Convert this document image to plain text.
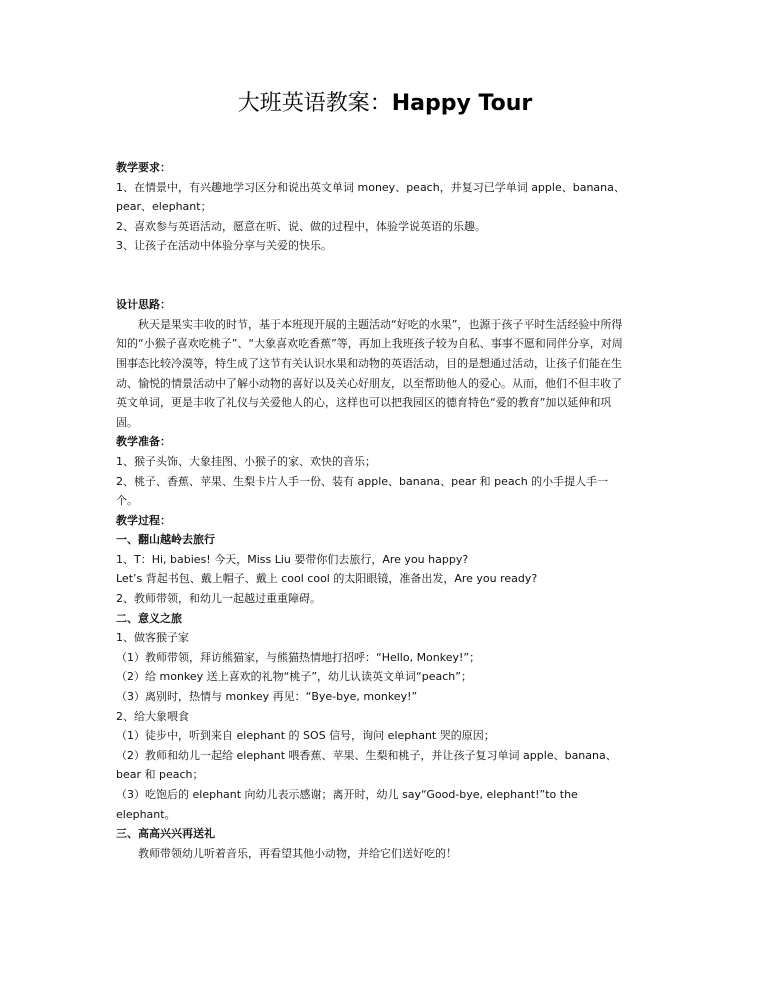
大班英语教案：Happy Tour
教学要求：
1、在情景中，有兴趣地学习区分和说出英文单词 money、peach，并复习已学单词 apple、banana、
pear、elephant；
2、喜欢参与英语活动，愿意在听、说、做的过程中，体验学说英语的乐趣。
3、让孩子在活动中体验分享与关爱的快乐。
设计思路：
秋天是果实丰收的时节，基于本班现开展的主题活动“好吃的水果”，也源于孩子平时生活经验中所得
知的“小猴子喜欢吃桃子”、“大象喜欢吃香蕉”等，再加上我班孩子较为自私、事事不愿和同伴分享，对周
围事态比较冷漠等，特生成了这节有关认识水果和动物的英语活动，目的是想通过活动，让孩子们能在生
动、愉悦的情景活动中了解小动物的喜好以及关心好朋友，以至帮助他人的爱心。从而，他们不但丰收了
英文单词，更是丰收了礼仪与关爱他人的心，这样也可以把我园区的德育特色“爱的教育”加以延伸和巩
固。
教学准备：
1、猴子头饰、大象挂图、小猴子的家、欢快的音乐；
2、桃子、香蕉、苹果、生梨卡片人手一份、装有 apple、banana、pear 和 peach 的小手提人手一
个。
教学过程：
一、翻山越岭去旅行
1、T：Hi, babies! 今天，Miss Liu 要带你们去旅行，Are you happy?
Let’s 背起书包、戴上帽子、戴上 cool cool 的太阳眼镜，准备出发，Are you ready?
2、教师带领，和幼儿一起越过重重障碍。
二、意义之旅
1、做客猴子家
（1）教师带领，拜访熊猫家，与熊猫热情地打招呼：“Hello, Monkey!”；
（2）给 monkey 送上喜欢的礼物“桃子”，幼儿认读英文单词“peach”；
（3）离别时，热情与 monkey 再见：“Bye-bye, monkey!”
2、给大象喂食
（1）徒步中，听到来自 elephant 的 SOS 信号，询问 elephant 哭的原因；
（2）教师和幼儿一起给 elephant 喂香蕉、苹果、生梨和桃子，并让孩子复习单词 apple、banana、
bear 和 peach；
（3）吃饱后的 elephant 向幼儿表示感谢；离开时，幼儿 say“Good-bye, elephant!”to the
elephant。
三、高高兴兴再送礼
教师带领幼儿听着音乐，再看望其他小动物，并给它们送好吃的！
